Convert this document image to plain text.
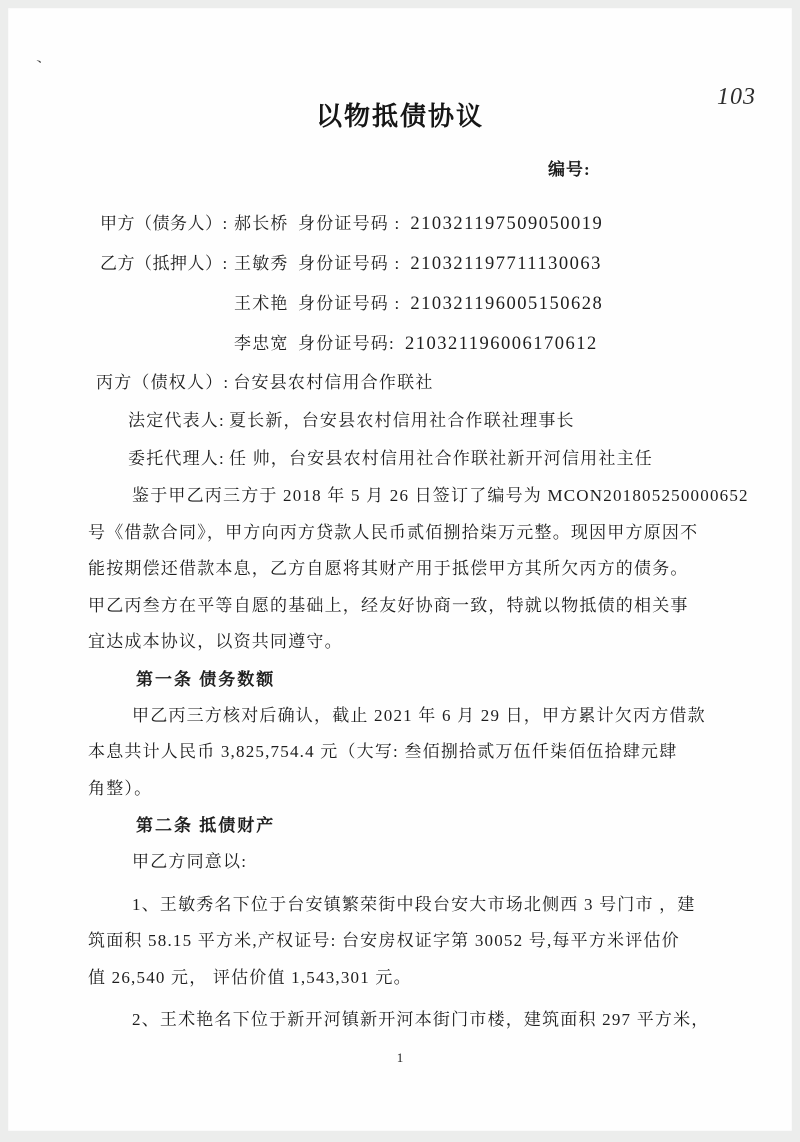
、
103
以物抵债协议
编号:
甲方（债务人）: 郝长桥 身份证号码 : 210321197509050019
乙方（抵押人）: 王敏秀 身份证号码 : 210321197711130063
王术艳 身份证号码 : 210321196005150628
李忠宽 身份证号码: 210321196006170612
丙方（债权人）: 台安县农村信用合作联社
法定代表人: 夏长新，台安县农村信用社合作联社理事长
委托代理人: 任 帅，台安县农村信用社合作联社新开河信用社主任
鉴于甲乙丙三方于 2018 年 5 月 26 日签订了编号为 MCON201805250000652
号《借款合同》，甲方向丙方贷款人民币贰佰捌拾柒万元整。现因甲方原因不
能按期偿还借款本息，乙方自愿将其财产用于抵偿甲方其所欠丙方的债务。
甲乙丙叁方在平等自愿的基础上，经友好协商一致，特就以物抵债的相关事
宜达成本协议，以资共同遵守。
第一条 债务数额
甲乙丙三方核对后确认，截止 2021 年 6 月 29 日，甲方累计欠丙方借款
本息共计人民币 3,825,754.4 元（大写: 叁佰捌拾贰万伍仟柒佰伍拾肆元肆
角整）。
第二条 抵债财产
甲乙方同意以:
1、王敏秀名下位于台安镇繁荣街中段台安大市场北侧西 3 号门市 ，建
筑面积 58.15 平方米,产权证号: 台安房权证字第 30052 号,每平方米评估价
值 26,540 元， 评估价值 1,543,301 元。
2、王术艳名下位于新开河镇新开河本街门市楼，建筑面积 297 平方米，
1
